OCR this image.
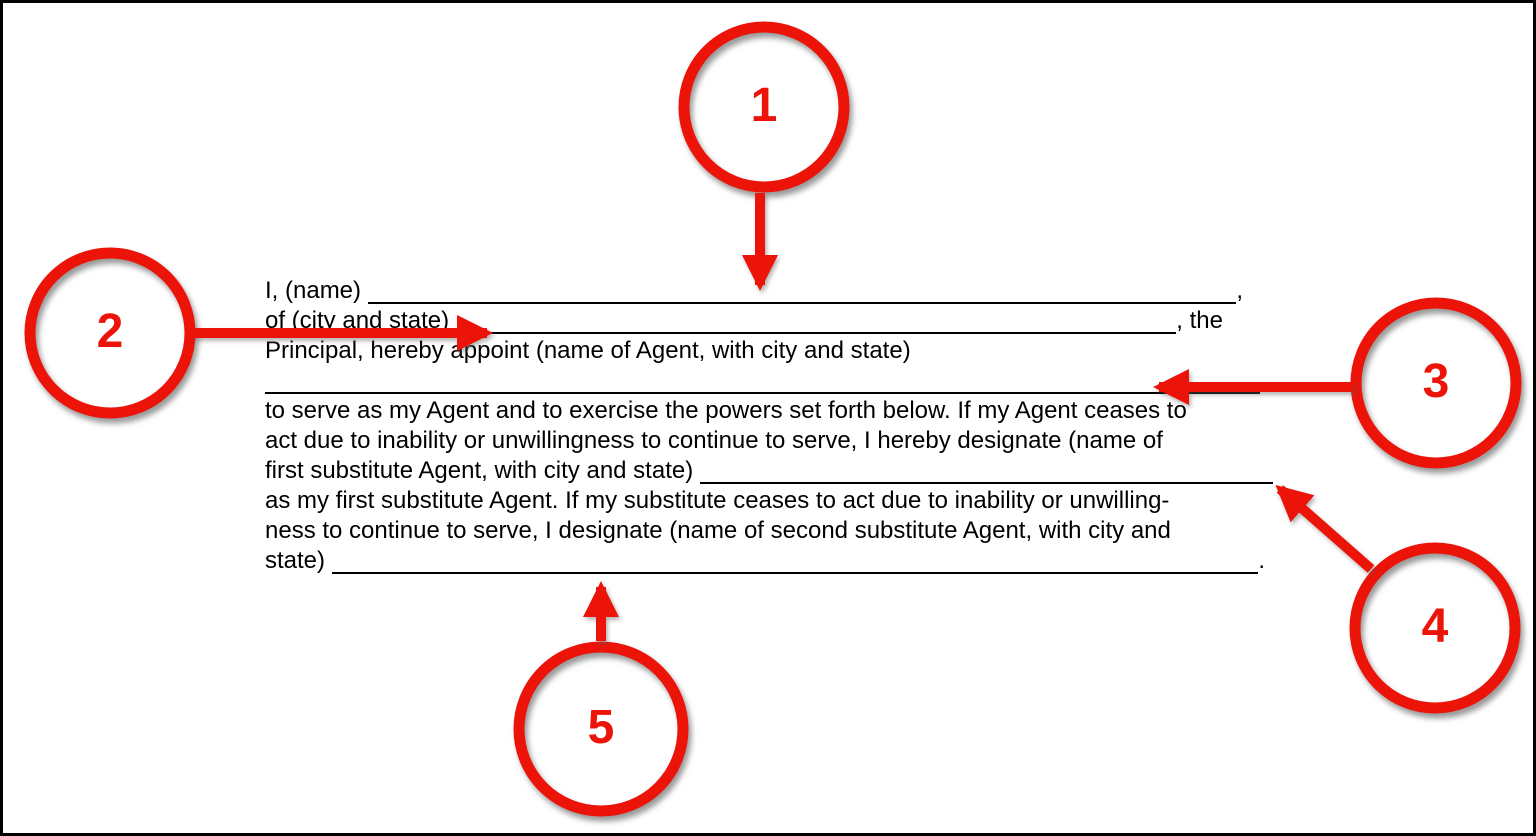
I, (name)	,
of (city and state)	, the
Principal, hereby appoint (name of Agent, with city and state)
.
to serve as my Agent and to exercise the powers set forth below. If my Agent ceases to
act due to inability or unwillingness to continue to serve, I hereby designate (name of
first substitute Agent, with city and state)
as my first substitute Agent. If my substitute ceases to act due to inability or unwilling-
ness to continue to serve, I designate (name of second substitute Agent, with city and
state)	.
1
2
3
4
5
